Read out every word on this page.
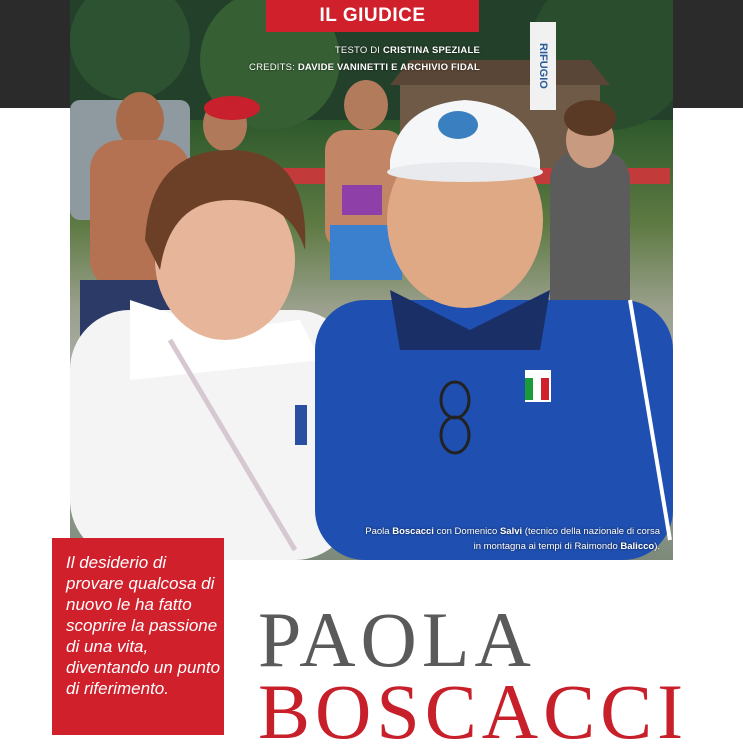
RIFUGIO
IL GIUDICE
TESTO DI CRISTINA SPEZIALE
CREDITS: DAVIDE VANINETTI E ARCHIVIO FIDAL
Paola Boscacci con Domenico Salvi (tecnico della nazionale di corsa in montagna ai tempi di Raimondo Balicco).
Il desiderio di provare qualcosa di nuovo le ha fatto scoprire la passione di una vita, diventando un punto di riferimento.
PAOLA
BOSCACCI
